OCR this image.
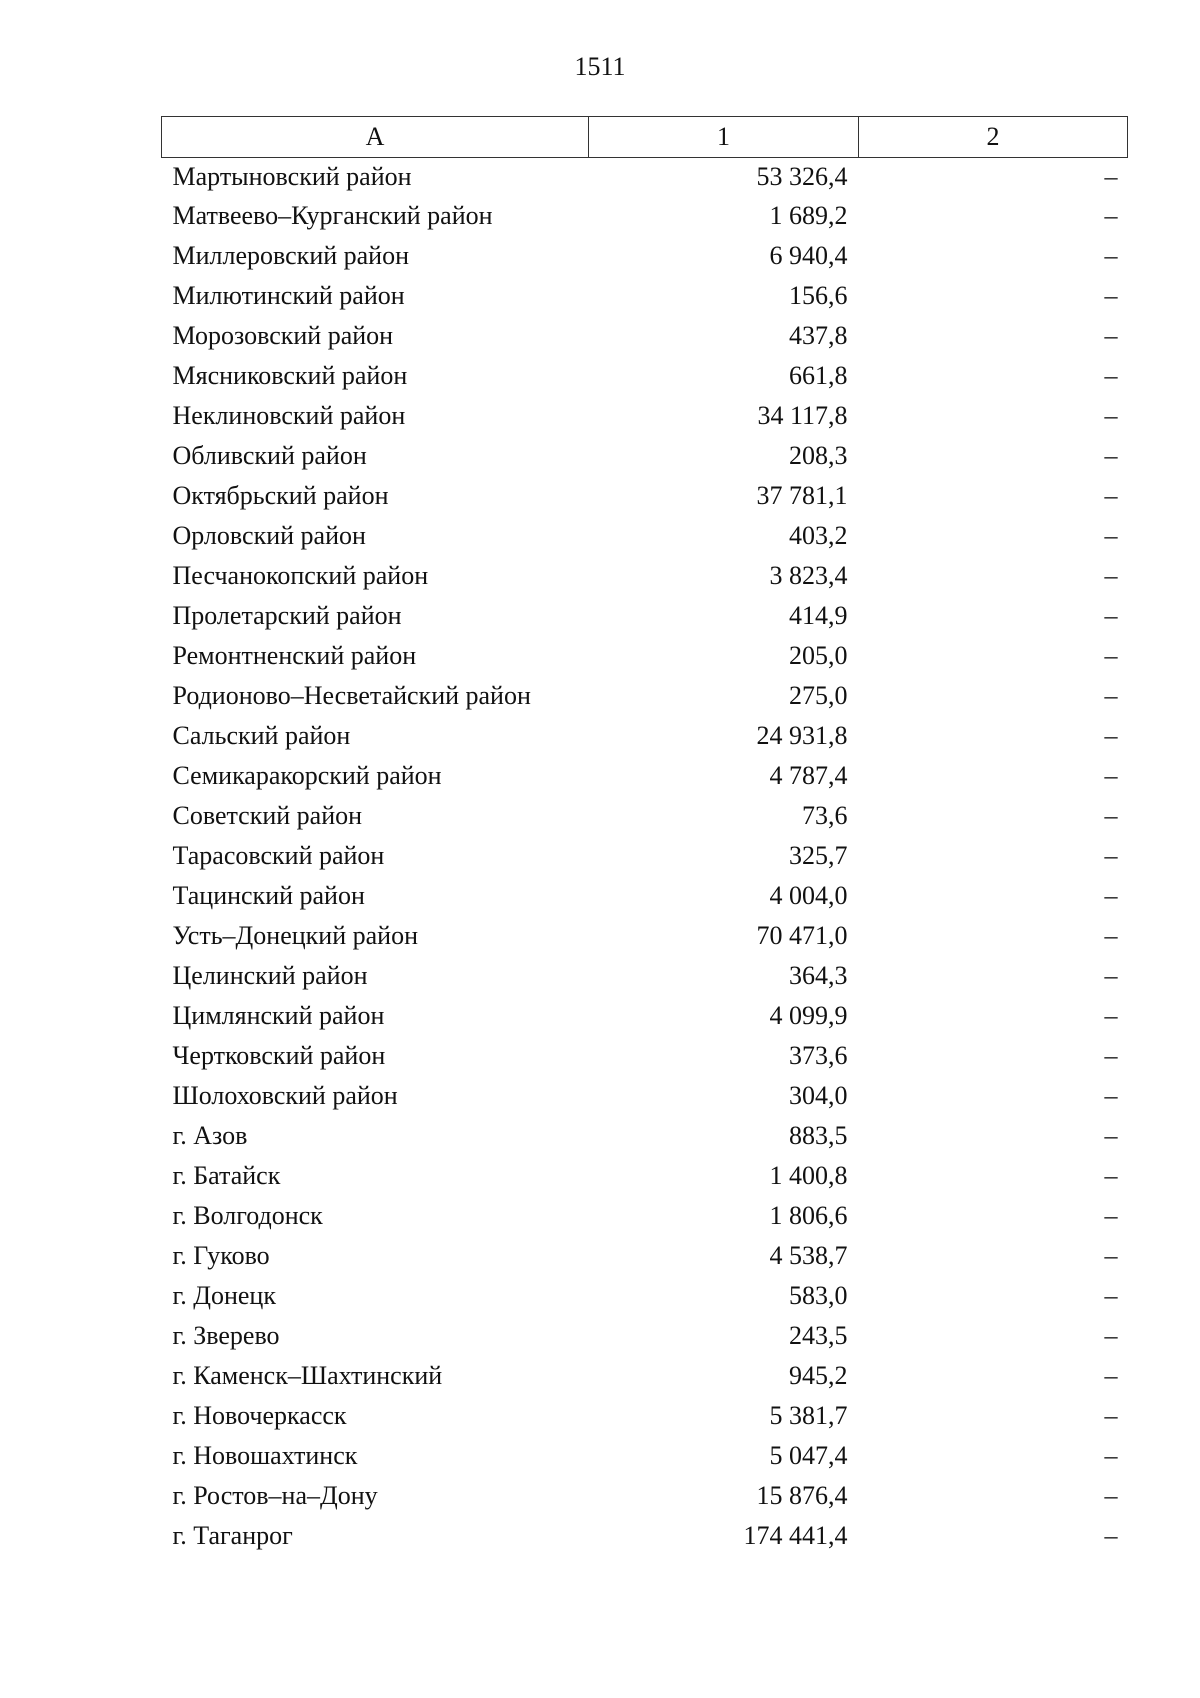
1511
А	1	2
Мартыновский район	53 326,4	–
Матвеево–Курганский район	1 689,2	–
Миллеровский район	6 940,4	–
Милютинский район	156,6	–
Морозовский район	437,8	–
Мясниковский район	661,8	–
Неклиновский район	34 117,8	–
Обливский район	208,3	–
Октябрьский район	37 781,1	–
Орловский район	403,2	–
Песчанокопский район	3 823,4	–
Пролетарский район	414,9	–
Ремонтненский район	205,0	–
Родионово–Несветайский район	275,0	–
Сальский район	24 931,8	–
Семикаракорский район	4 787,4	–
Советский район	73,6	–
Тарасовский район	325,7	–
Тацинский район	4 004,0	–
Усть–Донецкий район	70 471,0	–
Целинский район	364,3	–
Цимлянский район	4 099,9	–
Чертковский район	373,6	–
Шолоховский район	304,0	–
г. Азов	883,5	–
г. Батайск	1 400,8	–
г. Волгодонск	1 806,6	–
г. Гуково	4 538,7	–
г. Донецк	583,0	–
г. Зверево	243,5	–
г. Каменск–Шахтинский	945,2	–
г. Новочеркасск	5 381,7	–
г. Новошахтинск	5 047,4	–
г. Ростов–на–Дону	15 876,4	–
г. Таганрог	174 441,4	–
